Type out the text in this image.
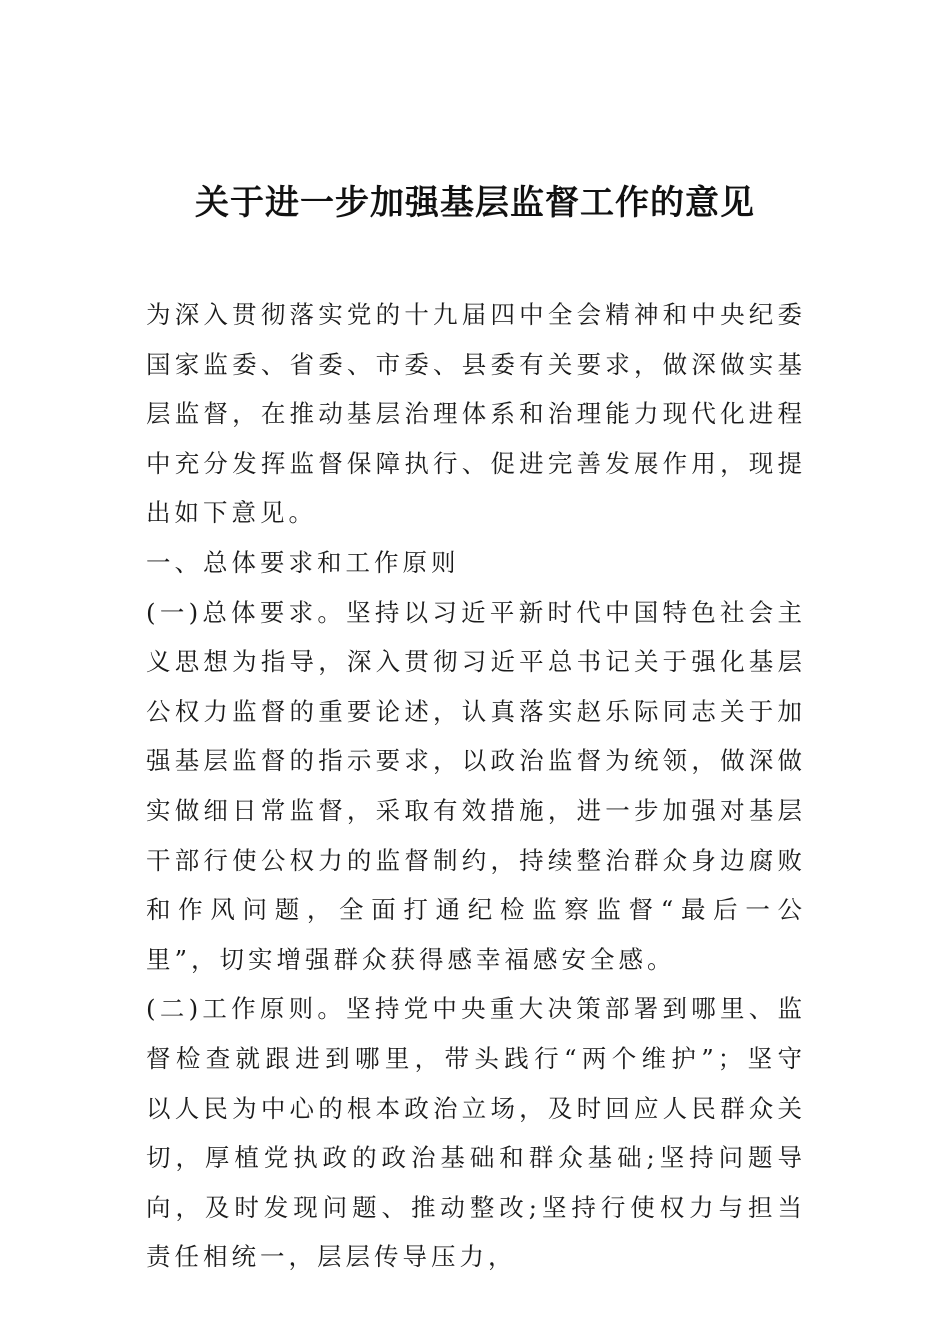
关于进一步加强基层监督工作的意见

为深入贯彻落实党的十九届四中全会精神和中央纪委国家监委、省委、市委、县委有关要求，做深做实基层监督，在推动基层治理体系和治理能力现代化进程中充分发挥监督保障执行、促进完善发展作用，现提出如下意见。

一、总体要求和工作原则

(一)总体要求。坚持以习近平新时代中国特色社会主义思想为指导，深入贯彻习近平总书记关于强化基层公权力监督的重要论述，认真落实赵乐际同志关于加强基层监督的指示要求，以政治监督为统领，做深做实做细日常监督，采取有效措施，进一步加强对基层干部行使公权力的监督制约，持续整治群众身边腐败和作风问题，全面打通纪检监察监督“最后一公里”，切实增强群众获得感幸福感安全感。

(二)工作原则。坚持党中央重大决策部署到哪里、监督检查就跟进到哪里，带头践行“两个维护”；坚守以人民为中心的根本政治立场，及时回应人民群众关切，厚植党执政的政治基础和群众基础;坚持问题导向，及时发现问题、推动整改;坚持行使权力与担当责任相统一，层层传导压力，
